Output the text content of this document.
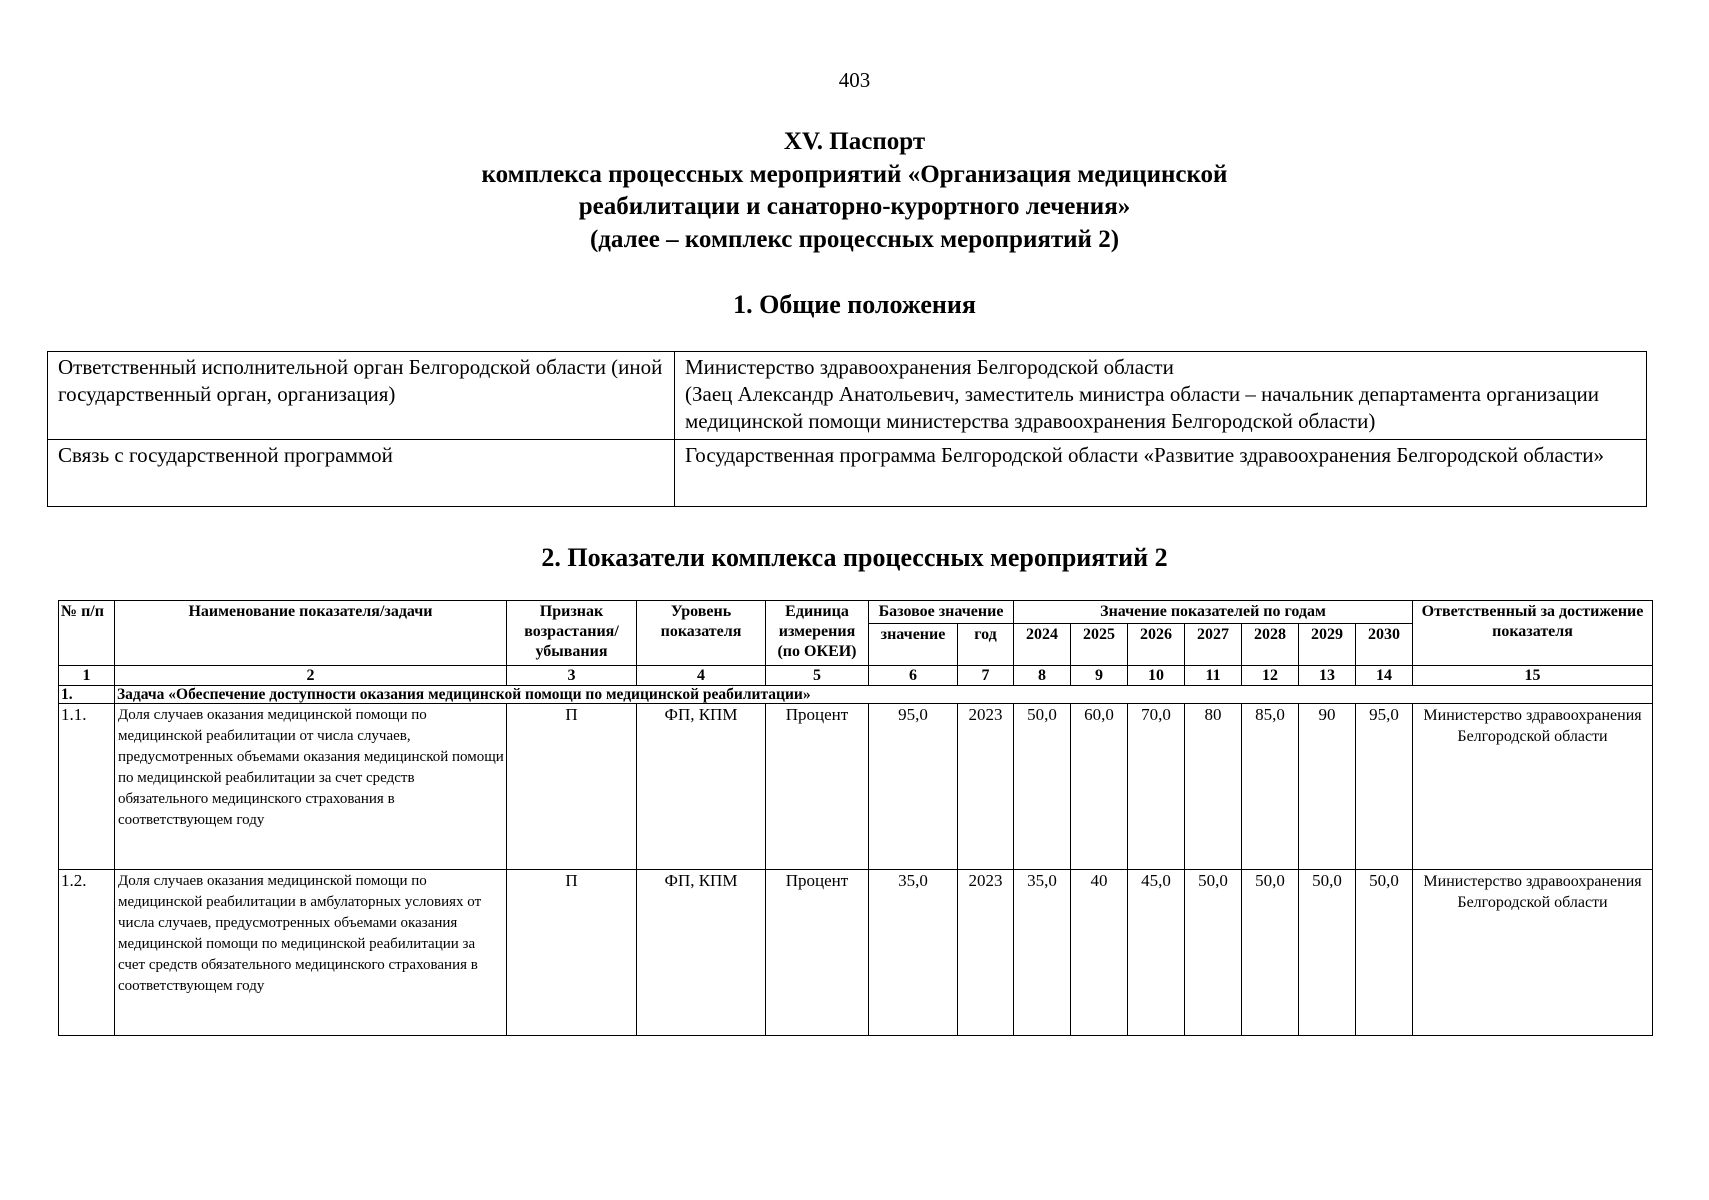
403
XV. Паспорт
комплекса процессных мероприятий «Организация медицинской
реабилитации и санаторно-курортного лечения»
(далее – комплекс процессных мероприятий 2)
1. Общие положения
Ответственный исполнительной орган Белгородской области (иной государственный орган, организация)	Министерство здравоохранения Белгородской области
(Заец Александр Анатольевич, заместитель министра области – начальник департамента организации медицинской помощи министерства здравоохранения Белгородской области)

Связь с государственной программой	Государственная программа Белгородской области «Развитие здравоохранения Белгородской области»
2. Показатели комплекса процессных мероприятий 2
№ п/п	Наименование показателя/задачи	Признак возрастания/ убывания	Уровень показателя	Единица измерения (по ОКЕИ)	Базовое значение		Значение показателей по годам							Ответственный за достижение показателя
					значение	год	2024	2025	2026	2027	2028	2029	2030	
1	2	3	4	5	6	7	8	9	10	11	12	13	14	15
1.	Задача «Обеспечение доступности оказания медицинской помощи по медицинской реабилитации»													
1.1.	Доля случаев оказания медицинской помощи по медицинской реабилитации от числа случаев, предусмотренных объемами оказания медицинской помощи по медицинской реабилитации за счет средств обязательного медицинского страхования в соответствующем году	П	ФП, КПМ	Процент	95,0	2023	50,0	60,0	70,0	80	85,0	90	95,0	Министерство здравоохранения Белгородской области
1.2.	Доля случаев оказания медицинской помощи по медицинской реабилитации в амбулаторных условиях от числа случаев, предусмотренных объемами оказания медицинской помощи по медицинской реабилитации за счет средств обязательного медицинского страхования в соответствующем году	П	ФП, КПМ	Процент	35,0	2023	35,0	40	45,0	50,0	50,0	50,0	50,0	Министерство здравоохранения Белгородской области
